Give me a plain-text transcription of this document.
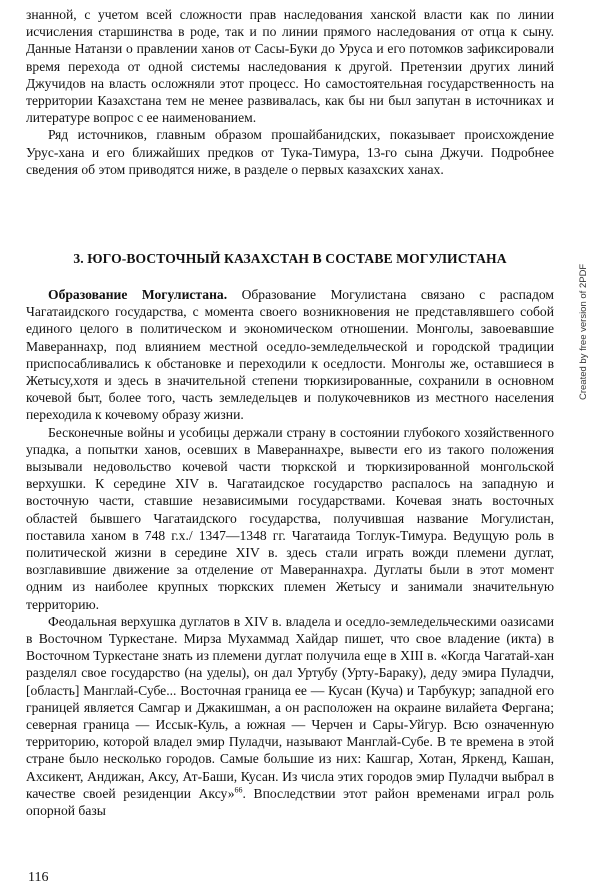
знанной, с учетом всей сложности прав наследования ханской власти как по линии исчисления старшинства в роде, так и по линии прямого наследования от отца к сыну. Данные Натанзи о правлении ханов от Сасы-Буки до Уруса и его потомков зафиксировали время перехода от одной системы наследования к другой. Претензии других линий Джучидов на власть осложняли этот процесс. Но самостоятельная государственность на территории Казахстана тем не менее развивалась, как бы ни был запутан в источниках и литературе вопрос с ее наименованием.

Ряд источников, главным образом прошайбанидских, показывает происхождение Урус-хана и его ближайших предков от Тука-Тимура, 13-го сына Джучи. Подробнее сведения об этом приводятся ниже, в разделе о первых казахских ханах.

3. ЮГО-ВОСТОЧНЫЙ КАЗАХСТАН В СОСТАВЕ МОГУЛИСТАНА

Образование Могулистана. Образование Могулистана связано с распадом Чагатаидского государства, с момента своего возникновения не представлявшего собой единого целого в политическом и экономическом отношении. Монголы, завоевавшие Мавераннахр, под влиянием местной оседло-земледельческой и городской традиции приспосабливались к обстановке и переходили к оседлости. Монголы же, оставшиеся в Жетысу,хотя и здесь в значительной степени тюркизированные, сохранили в основном кочевой быт, более того, часть земледельцев и полукочевников из местного населения переходила к кочевому образу жизни.

Бесконечные войны и усобицы держали страну в состоянии глубокого хозяйственного упадка, а попытки ханов, осевших в Мавераннахре, вывести его из такого положения вызывали недовольство кочевой части тюркской и тюркизированной монгольской верхушки. К середине XIV в. Чагатаидское государство распалось на западную и восточную части, ставшие независимыми государствами. Кочевая знать восточных областей бывшего Чагатаидского государства, получившая название Могулистан, поставила ханом в 748 г.х./ 1347—1348 гг. Чагатаида Тоглук-Тимура. Ведущую роль в политической жизни в середине XIV в. здесь стали играть вожди племени дуглат, возглавившие движение за отделение от Мавераннахра. Дуглаты были в этот момент одним из наиболее крупных тюркских племен Жетысу и занимали значительную территорию.

Феодальная верхушка дуглатов в XIV в. владела и оседло-земледельческими оазисами в Восточном Туркестане. Мирза Мухаммад Хайдар пишет, что свое владение (икта) в Восточном Туркестане знать из племени дуглат получила еще в XIII в. «Когда Чагатай-хан разделял свое государство (на уделы), он дал Уртубу (Урту-Бараку), деду эмира Пуладчи, [область] Манглай-Субе... Восточная граница ее — Кусан (Куча) и Тарбукур; западной его границей является Самгар и Джакишман, а он расположен на окраине вилайета Фергана; северная граница — Иссык-Куль, а южная — Черчен и Сары-Уйгур. Всю означенную территорию, которой владел эмир Пуладчи, называют Манглай-Субе. В те времена в этой стране было несколько городов. Самые большие из них: Кашгар, Хотан, Яркенд, Кашан, Ахсикент, Андижан, Аксу, Ат-Баши, Кусан. Из числа этих городов эмир Пуладчи выбрал в качестве своей резиденции Аксу»$^{66}$. Впоследствии этот район временами играл роль опорной базы

Created by free version of 2PDF
116
